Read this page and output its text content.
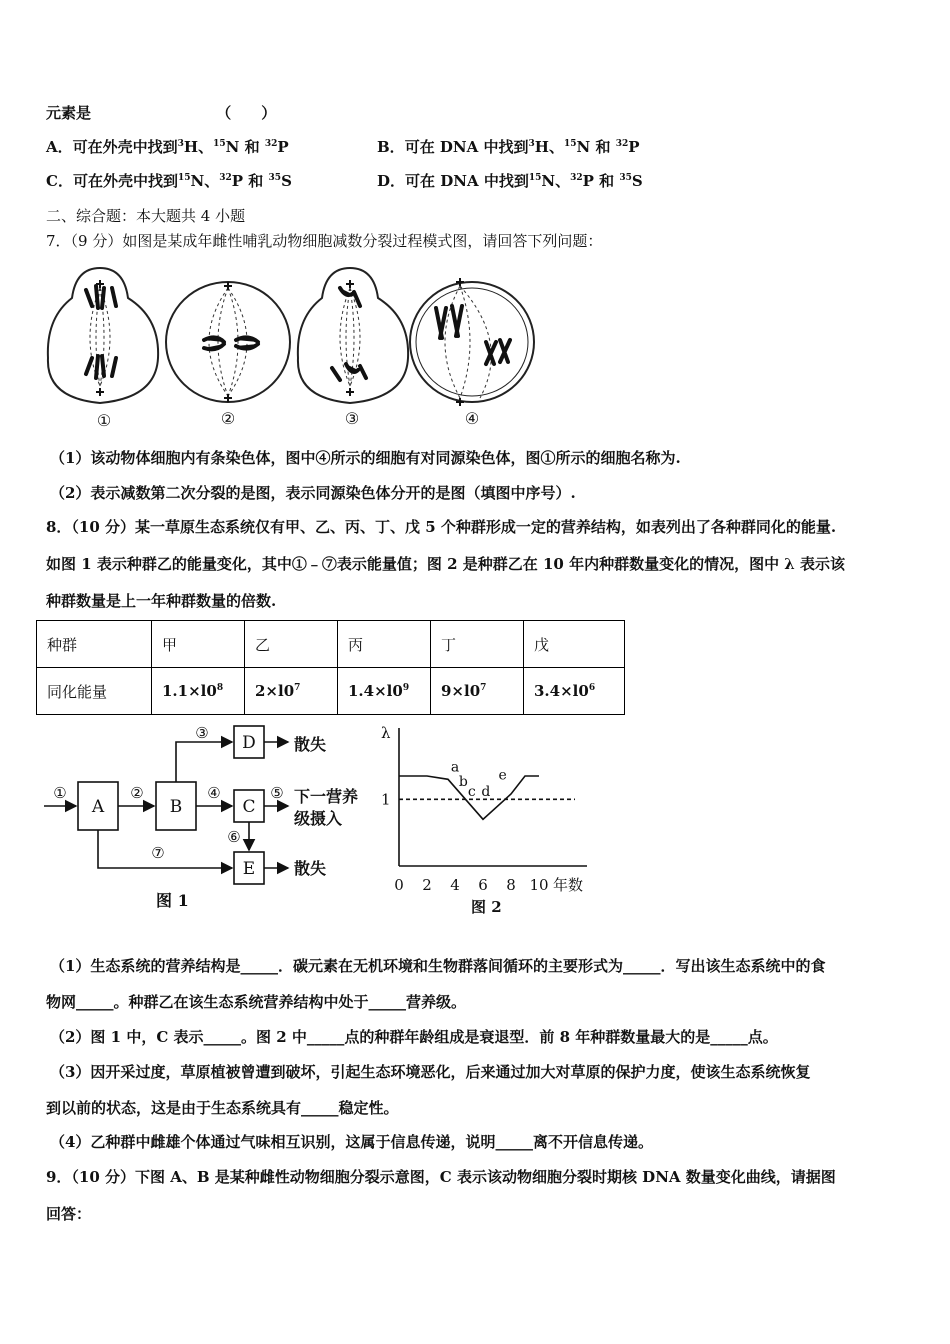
元素是	（　　）
A．可在外壳中找到$^3$H、$^{15}$N 和 $^{32}$P	B．可在 DNA 中找到$^3$H、$^{15}$N 和 $^{32}$P
C．可在外壳中找到$^{15}$N、$^{32}$P 和 $^{35}$S	D．可在 DNA 中找到$^{15}$N、$^{32}$P 和 $^{35}$S
二、综合题：本大题共 4 小题
7．（9 分）如图是某成年雌性哺乳动物细胞减数分裂过程模式图，请回答下列问题：
①	②	③	④
（1）该动物体细胞内有条染色体，图中④所示的细胞有对同源染色体，图①所示的细胞名称为.
（2）表示减数第二次分裂的是图，表示同源染色体分开的是图（填图中序号）.
8．（10 分）某一草原生态系统仅有甲、乙、丙、丁、戊 5 个种群形成一定的营养结构，如表列出了各种群同化的能量.
如图 1 表示种群乙的能量变化，其中①﹣⑦表示能量值；图 2 是种群乙在 10 年内种群数量变化的情况，图中 λ 表示该
种群数量是上一年种群数量的倍数.
种群	甲	乙	丙	丁	戊
同化能量	$1.1\times l0^8$	$2\times l0^7$	$1.4\times l0^9$	$9\times l0^7$	$3.4\times l0^6$
A	B	C
D
E
①	②
③
④	⑤
⑥
⑦
散失
下一营养
级摄入
散失
图 1
λ
1
年数
图 2
0 2 4 6 8 10
a
b
c d
e
（1）生态系统的营养结构是_____．碳元素在无机环境和生物群落间循环的主要形式为_____．写出该生态系统中的食
物网_____。种群乙在该生态系统营养结构中处于_____营养级。
（2）图 1 中，C 表示_____。图 2 中_____点的种群年龄组成是衰退型．前 8 年种群数量最大的是_____点。
（3）因开采过度，草原植被曾遭到破坏，引起生态环境恶化，后来通过加大对草原的保护力度，使该生态系统恢复
到以前的状态，这是由于生态系统具有_____稳定性。
（4）乙种群中雌雄个体通过气味相互识别，这属于信息传递，说明_____离不开信息传递。
9．（10 分）下图 A、B 是某种雌性动物细胞分裂示意图，C 表示该动物细胞分裂时期核 DNA 数量变化曲线，请据图
回答：
